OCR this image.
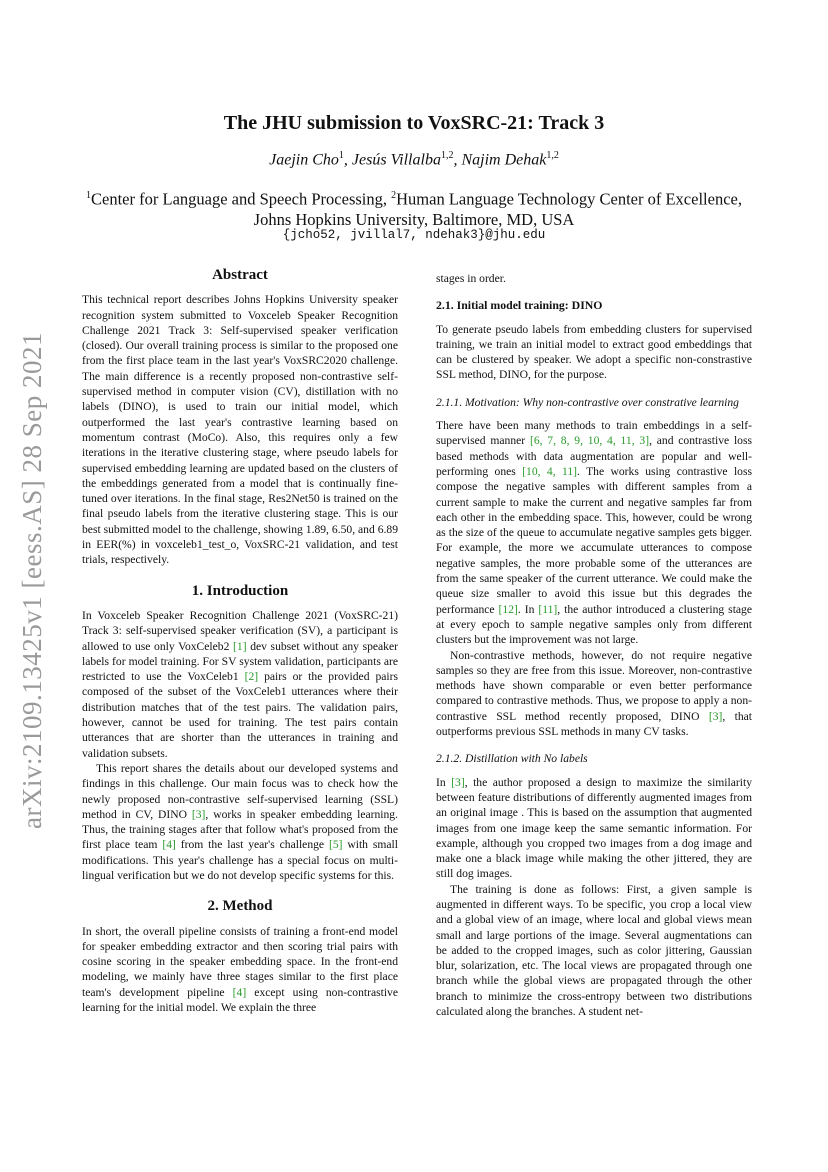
arXiv:2109.13425v1 [eess.AS] 28 Sep 2021
The JHU submission to VoxSRC-21: Track 3
Jaejin Cho$^1$, Jesús Villalba$^{1,2}$, Najim Dehak$^{1,2}$
$^1$Center for Language and Speech Processing, $^2$Human Language Technology Center of Excellence,
Johns Hopkins University, Baltimore, MD, USA
{jcho52, jvillal7, ndehak3}@jhu.edu

Abstract

This technical report describes Johns Hopkins University speaker recognition system submitted to Voxceleb Speaker Recognition Challenge 2021 Track 3: Self-supervised speaker verification (closed). Our overall training process is similar to the proposed one from the first place team in the last year's VoxSRC2020 challenge. The main difference is a recently proposed non-contrastive self-supervised method in computer vision (CV), distillation with no labels (DINO), is used to train our initial model, which outperformed the last year's contrastive learning based on momentum contrast (MoCo). Also, this requires only a few iterations in the iterative clustering stage, where pseudo labels for supervised embedding learning are updated based on the clusters of the embeddings generated from a model that is continually fine-tuned over iterations. In the final stage, Res2Net50 is trained on the final pseudo labels from the iterative clustering stage. This is our best submitted model to the challenge, showing 1.89, 6.50, and 6.89 in EER(%) in voxceleb1_test_o, VoxSRC-21 validation, and test trials, respectively.

1. Introduction

In Voxceleb Speaker Recognition Challenge 2021 (VoxSRC-21) Track 3: self-supervised speaker verification (SV), a participant is allowed to use only VoxCeleb2 [1] dev subset without any speaker labels for model training. For SV system validation, participants are restricted to use the VoxCeleb1 [2] pairs or the provided pairs composed of the subset of the VoxCeleb1 utterances where their distribution matches that of the test pairs. The validation pairs, however, cannot be used for training. The test pairs contain utterances that are shorter than the utterances in training and validation subsets.

This report shares the details about our developed systems and findings in this challenge. Our main focus was to check how the newly proposed non-contrastive self-supervised learning (SSL) method in CV, DINO [3], works in speaker embedding learning. Thus, the training stages after that follow what's proposed from the first place team [4] from the last year's challenge [5] with small modifications. This year's challenge has a special focus on multi-lingual verification but we do not develop specific systems for this.

2. Method

In short, the overall pipeline consists of training a front-end model for speaker embedding extractor and then scoring trial pairs with cosine scoring in the speaker embedding space. In the front-end modeling, we mainly have three stages similar to the first place team's development pipeline [4] except using non-contrastive learning for the initial model. We explain the three

stages in order.

2.1. Initial model training: DINO

To generate pseudo labels from embedding clusters for supervised training, we train an initial model to extract good embeddings that can be clustered by speaker. We adopt a specific non-constrastive SSL method, DINO, for the purpose.

2.1.1. Motivation: Why non-contrastive over constrative learning

There have been many methods to train embeddings in a self-supervised manner [6, 7, 8, 9, 10, 4, 11, 3], and contrastive loss based methods with data augmentation are popular and well-performing ones [10, 4, 11]. The works using contrastive loss compose the negative samples with different samples from a current sample to make the current and negative samples far from each other in the embedding space. This, however, could be wrong as the size of the queue to accumulate negative samples gets bigger. For example, the more we accumulate utterances to compose negative samples, the more probable some of the utterances are from the same speaker of the current utterance. We could make the queue size smaller to avoid this issue but this degrades the performance [12]. In [11], the author introduced a clustering stage at every epoch to sample negative samples only from different clusters but the improvement was not large.

Non-contrastive methods, however, do not require negative samples so they are free from this issue. Moreover, non-contrastive methods have shown comparable or even better performance compared to contrastive methods. Thus, we propose to apply a non-contrastive SSL method recently proposed, DINO [3], that outperforms previous SSL methods in many CV tasks.

2.1.2. Distillation with No labels

In [3], the author proposed a design to maximize the similarity between feature distributions of differently augmented images from an original image . This is based on the assumption that augmented images from one image keep the same semantic information. For example, although you cropped two images from a dog image and make one a black image while making the other jittered, they are still dog images.

The training is done as follows: First, a given sample is augmented in different ways. To be specific, you crop a local view and a global view of an image, where local and global views mean small and large portions of the image. Several augmentations can be added to the cropped images, such as color jittering, Gaussian blur, solarization, etc. The local views are propagated through one branch while the global views are propagated through the other branch to minimize the cross-entropy between two distributions calculated along the branches. A student net-
